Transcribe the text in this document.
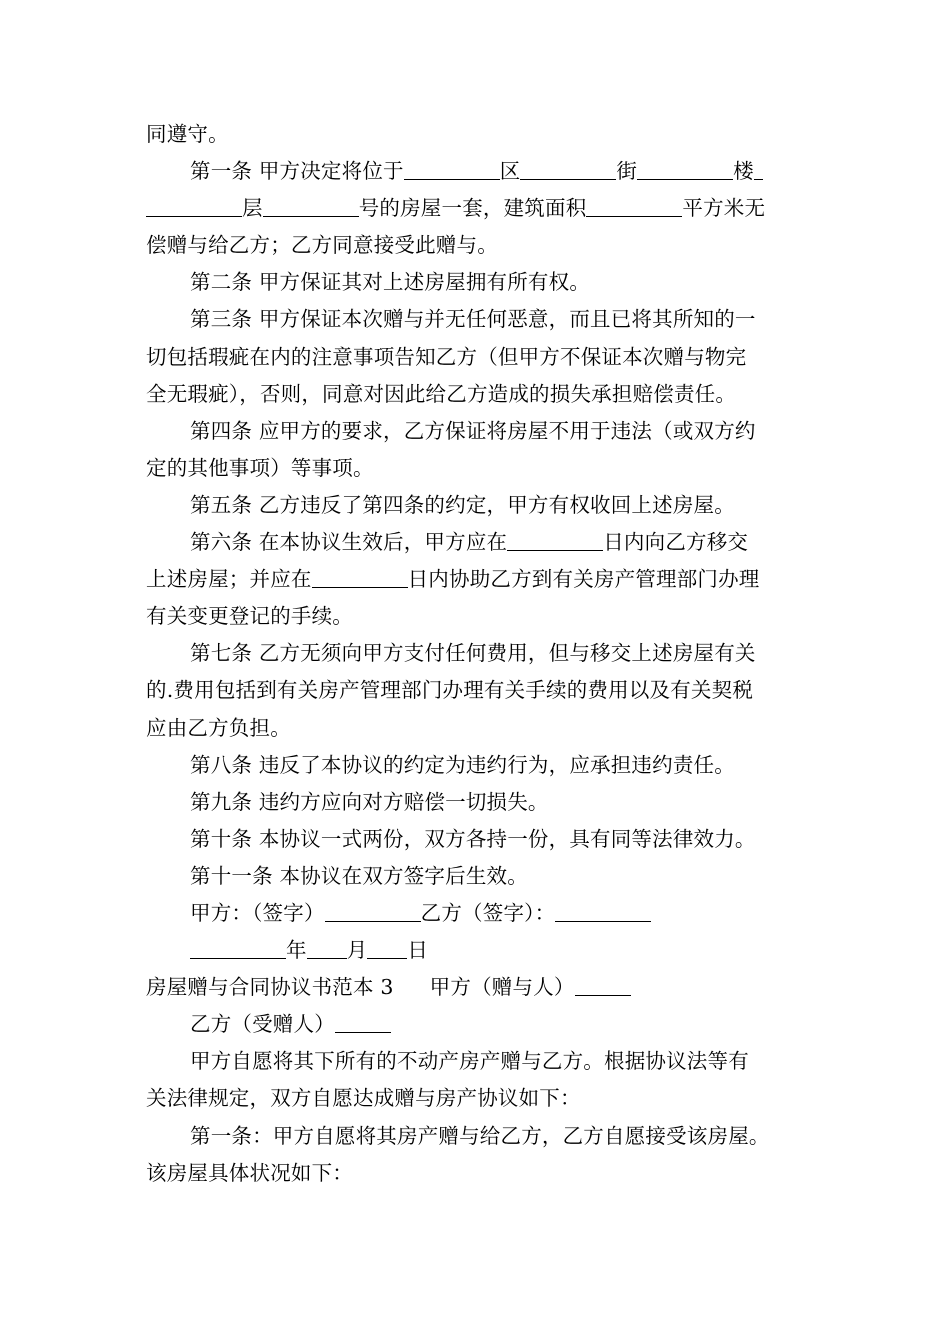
同遵守。
第一条 甲方决定将位于	区	街	楼
层	号的房屋一套，建筑面积	平方米无
偿赠与给乙方；乙方同意接受此赠与。
第二条 甲方保证其对上述房屋拥有所有权。
第三条 甲方保证本次赠与并无任何恶意，而且已将其所知的一
切包括瑕疵在内的注意事项告知乙方（但甲方不保证本次赠与物完
全无瑕疵），否则，同意对因此给乙方造成的损失承担赔偿责任。
第四条 应甲方的要求，乙方保证将房屋不用于违法（或双方约
定的其他事项）等事项。
第五条 乙方违反了第四条的约定，甲方有权收回上述房屋。
第六条 在本协议生效后，甲方应在	日内向乙方移交
上述房屋；并应在	日内协助乙方到有关房产管理部门办理
有关变更登记的手续。
第七条 乙方无须向甲方支付任何费用，但与移交上述房屋有关
的.费用包括到有关房产管理部门办理有关手续的费用以及有关契税
应由乙方负担。
第八条 违反了本协议的约定为违约行为，应承担违约责任。
第九条 违约方应向对方赔偿一切损失。
第十条 本协议一式两份，双方各持一份，具有同等法律效力。
第十一条 本协议在双方签字后生效。
甲方：（签字）	乙方（签字）：
年 月 日
房屋赠与合同协议书范本 3 甲方（赠与人）
乙方（受赠人）
甲方自愿将其下所有的不动产房产赠与乙方。根据协议法等有
关法律规定，双方自愿达成赠与房产协议如下：
第一条：甲方自愿将其房产赠与给乙方，乙方自愿接受该房屋。
该房屋具体状况如下：
